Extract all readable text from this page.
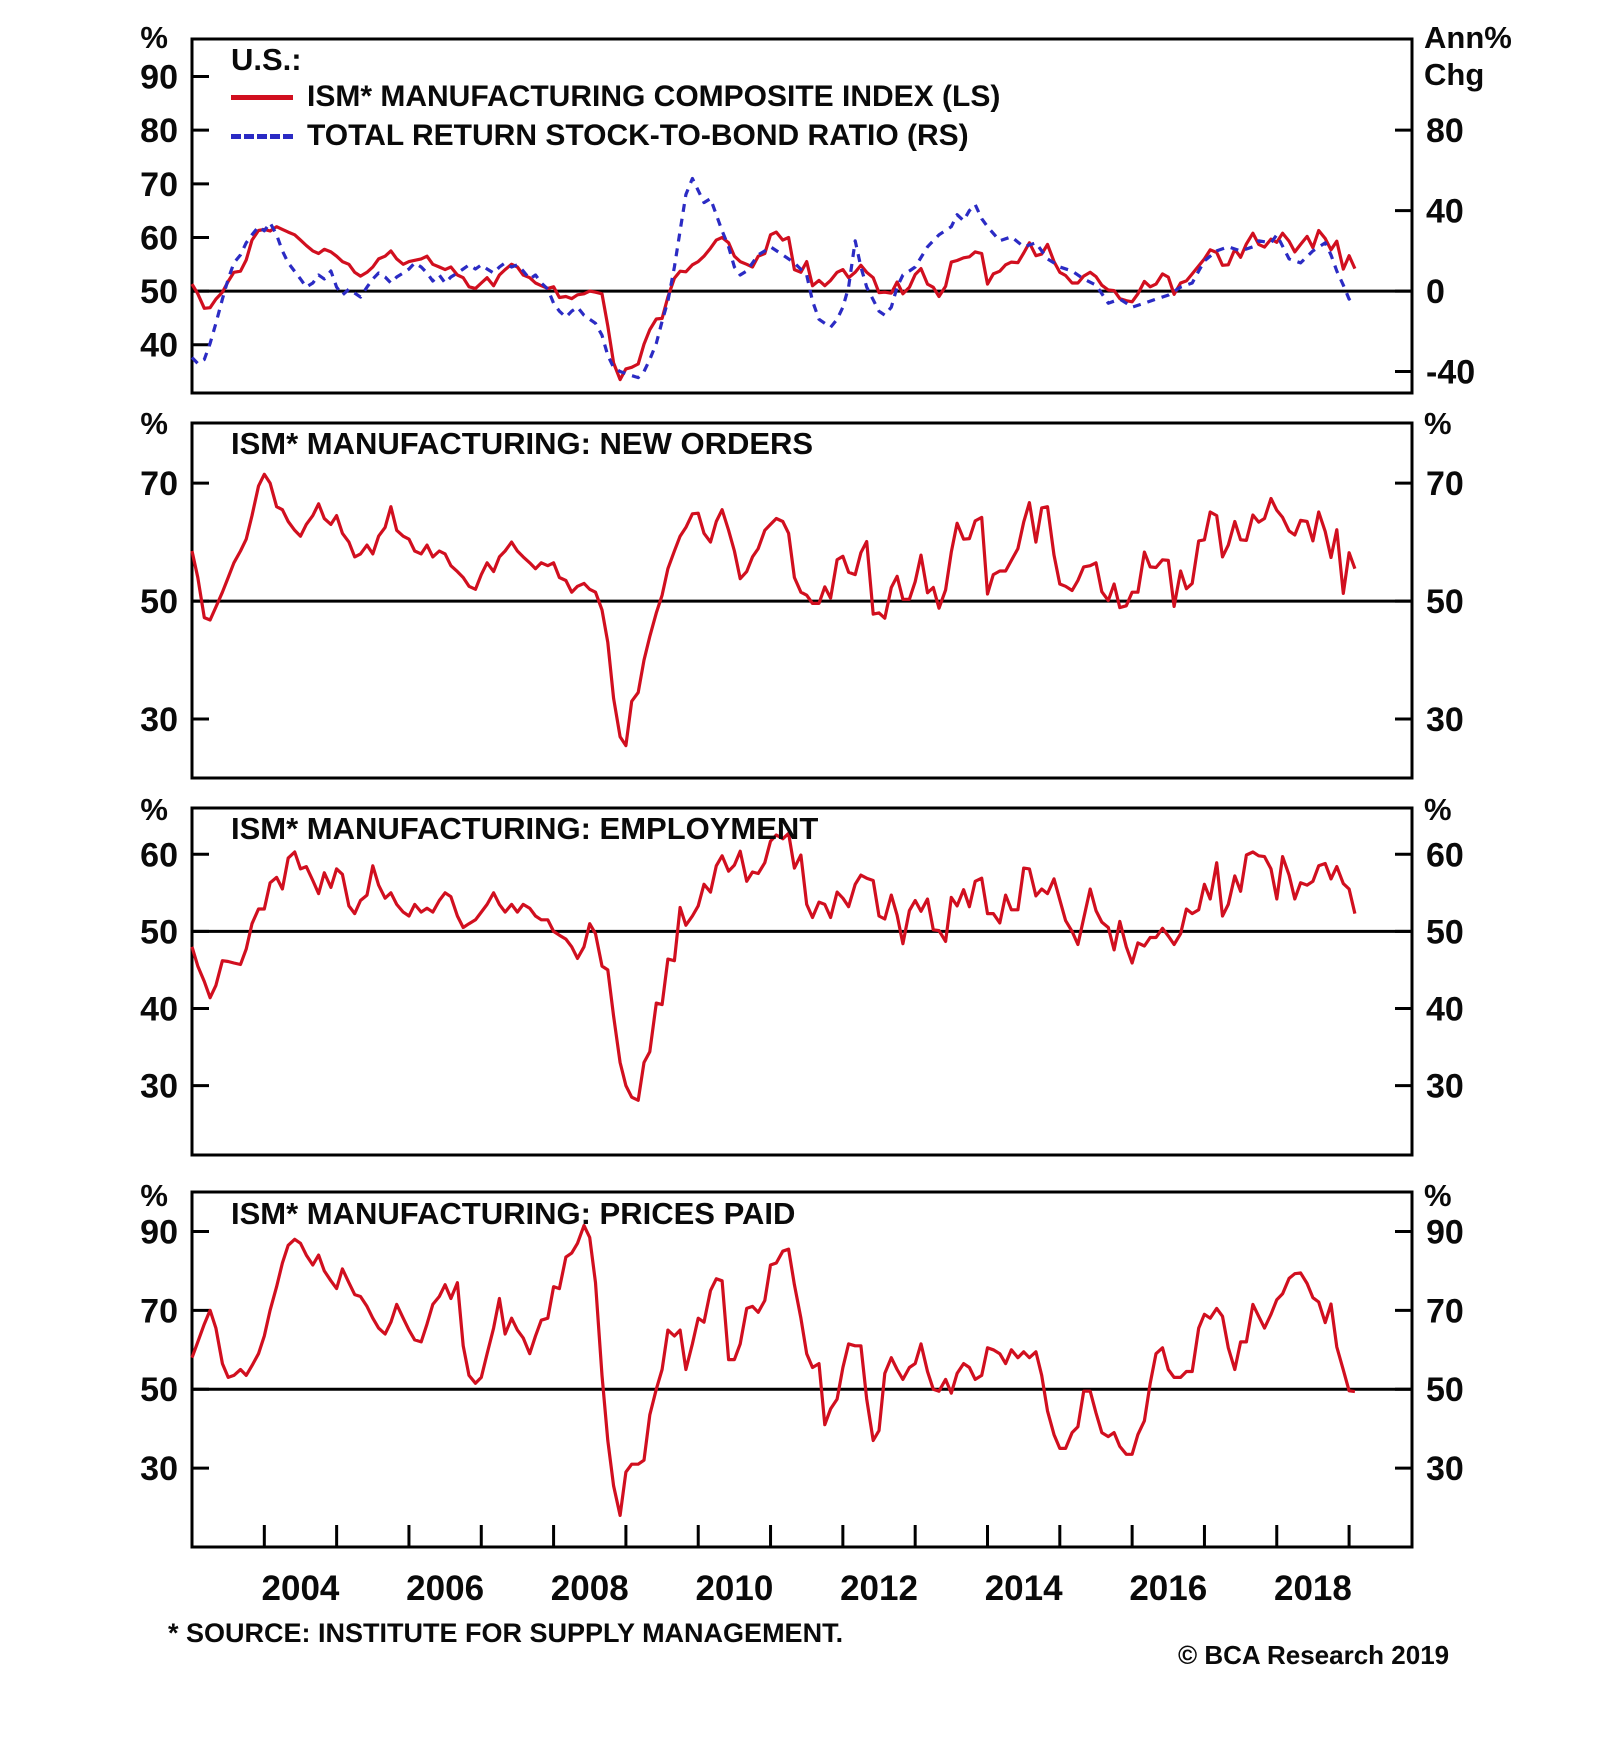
90
80
70
60
50
40
80
40
0
-40
70
50
30
70
50
30
60
50
40
30
60
50
40
30
90
70
50
30
90
70
50
30
2004 2006 2008 2010 2012 2014 2016 2018
U.S.:
ISM* MANUFACTURING COMPOSITE INDEX (LS)
TOTAL RETURN STOCK-TO-BOND RATIO (RS)
ISM* MANUFACTURING: NEW ORDERS
ISM* MANUFACTURING: EMPLOYMENT
ISM* MANUFACTURING: PRICES PAID
%	Ann%
Chg
%	%
%	%
%	%
* SOURCE: INSTITUTE FOR SUPPLY MANAGEMENT.
© BCA Research 2019
